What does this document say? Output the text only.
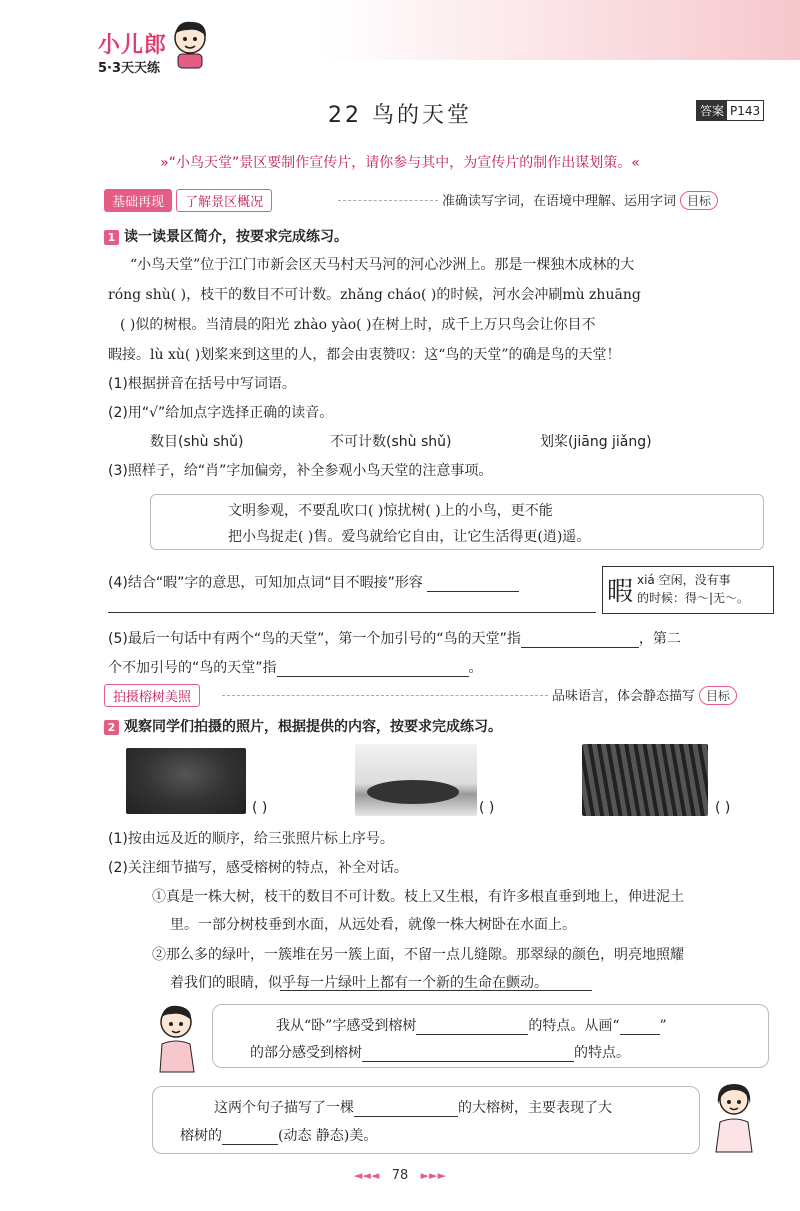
小儿郎
5·3天天练
22 鸟的天堂	答案 P143
»“小鸟天堂”景区要制作宣传片，请你参与其中，为宣传片的制作出谋划策。«
基础再现 了解景区概况	准确读写字词，在语境中理解、运用字词 目标
1 读一读景区简介，按要求完成练习。
“小鸟天堂”位于江门市新会区天马村天马河的河心沙洲上。那是一棵独木成林的大
róng shù( )，枝干的数目不可计数。zhǎng cháo( )的时候，河水会冲刷mù zhuāng
( )似的树根。当清晨的阳光 zhào yào( )在树上时，成千上万只鸟会让你目不
暇接。lù xù( )划桨来到这里的人，都会由衷赞叹：这“鸟的天堂”的确是鸟的天堂！
(1)根据拼音在括号中写词语。
(2)用“√”给加点字选择正确的读音。
数目(shù shǔ)	不可计数(shù shǔ)	划桨(jiāng jiǎng)
(3)照样子，给“肖”字加偏旁，补全参观小鸟天堂的注意事项。
文明参观，不要乱吹口( )惊扰树( )上的小鸟，更不能
把小鸟捉走( )售。爱鸟就给它自由，让它生活得更(逍)遥。
(4)结合“暇”字的意思，可知加点词“目不暇接”形容	暇 xiá 空闲，没有事
的时候：得～|无～。
(5)最后一句话中有两个“鸟的天堂”，第一个加引号的“鸟的天堂”指	，第二
个不加引号的“鸟的天堂”指	。
拍摄榕树美照	品味语言，体会静态描写 目标
2 观察同学们拍摄的照片，根据提供的内容，按要求完成练习。
( )	( )	( )
(1)按由远及近的顺序，给三张照片标上序号。
(2)关注细节描写，感受榕树的特点，补全对话。
①真是一株大树，枝干的数目不可计数。枝上又生根，有许多根直垂到地上，伸进泥土
里。一部分树枝垂到水面，从远处看，就像一株大树卧在水面上。
②那么多的绿叶，一簇堆在另一簇上面，不留一点儿缝隙。那翠绿的颜色，明亮地照耀
着我们的眼睛，似乎每一片绿叶上都有一个新的生命在颤动。
我从“卧”字感受到榕树	的特点。从画“	”
的部分感受到榕树	的特点。
这两个句子描写了一棵	的大榕树，主要表现了大
榕树的	(动态 静态)美。
◄◄◄ 78 ►►►
